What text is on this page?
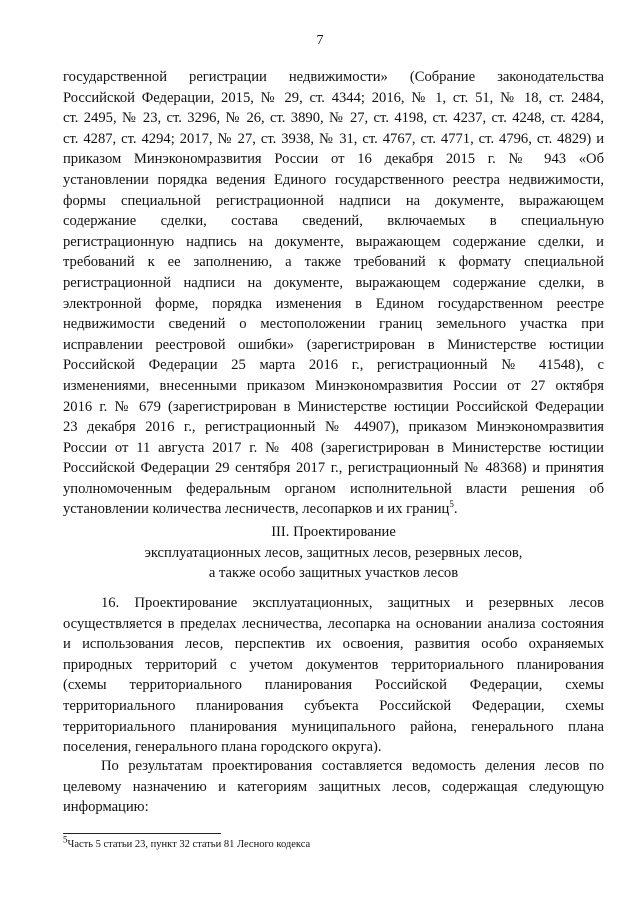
7
государственной регистрации недвижимости» (Собрание законодательства
Российской Федерации, 2015, № 29, ст. 4344; 2016, № 1, ст. 51, № 18, ст. 2484,
ст. 2495, № 23, ст. 3296, № 26, ст. 3890, № 27, ст. 4198, ст. 4237, ст. 4248, ст. 4284,
ст. 4287, ст. 4294; 2017, № 27, ст. 3938, № 31, ст. 4767, ст. 4771, ст. 4796, ст. 4829) и
приказом Минэкономразвития России от 16 декабря 2015 г. № 943 «Об
установлении порядка ведения Единого государственного реестра недвижимости,
формы специальной регистрационной надписи на документе, выражающем
содержание сделки, состава сведений, включаемых в специальную
регистрационную надпись на документе, выражающем содержание сделки, и
требований к ее заполнению, а также требований к формату специальной
регистрационной надписи на документе, выражающем содержание сделки, в
электронной форме, порядка изменения в Едином государственном реестре
недвижимости сведений о местоположении границ земельного участка при
исправлении реестровой ошибки» (зарегистрирован в Министерстве юстиции
Российской Федерации 25 марта 2016 г., регистрационный № 41548), с
изменениями, внесенными приказом Минэкономразвития России от 27 октября
2016 г. № 679 (зарегистрирован в Министерстве юстиции Российской Федерации
23 декабря 2016 г., регистрационный № 44907), приказом Минэкономразвития
России от 11 августа 2017 г. № 408 (зарегистрирован в Министерстве юстиции
Российской Федерации 29 сентября 2017 г., регистрационный № 48368) и принятия
уполномоченным федеральным органом исполнительной власти решения об
установлении количества лесничеств, лесопарков и их границ$^5$.
III. Проектирование
эксплуатационных лесов, защитных лесов, резервных лесов,
а также особо защитных участков лесов
16. Проектирование эксплуатационных, защитных и резервных лесов
осуществляется в пределах лесничества, лесопарка на основании анализа состояния
и использования лесов, перспектив их освоения, развития особо охраняемых
природных территорий с учетом документов территориального планирования
(схемы территориального планирования Российской Федерации, схемы
территориального планирования субъекта Российской Федерации, схемы
территориального планирования муниципального района, генерального плана
поселения, генерального плана городского округа).
По результатам проектирования составляется ведомость деления лесов по
целевому назначению и категориям защитных лесов, содержащая следующую
информацию:
$^5$Часть 5 статьи 23, пункт 32 статьи 81 Лесного кодекса
